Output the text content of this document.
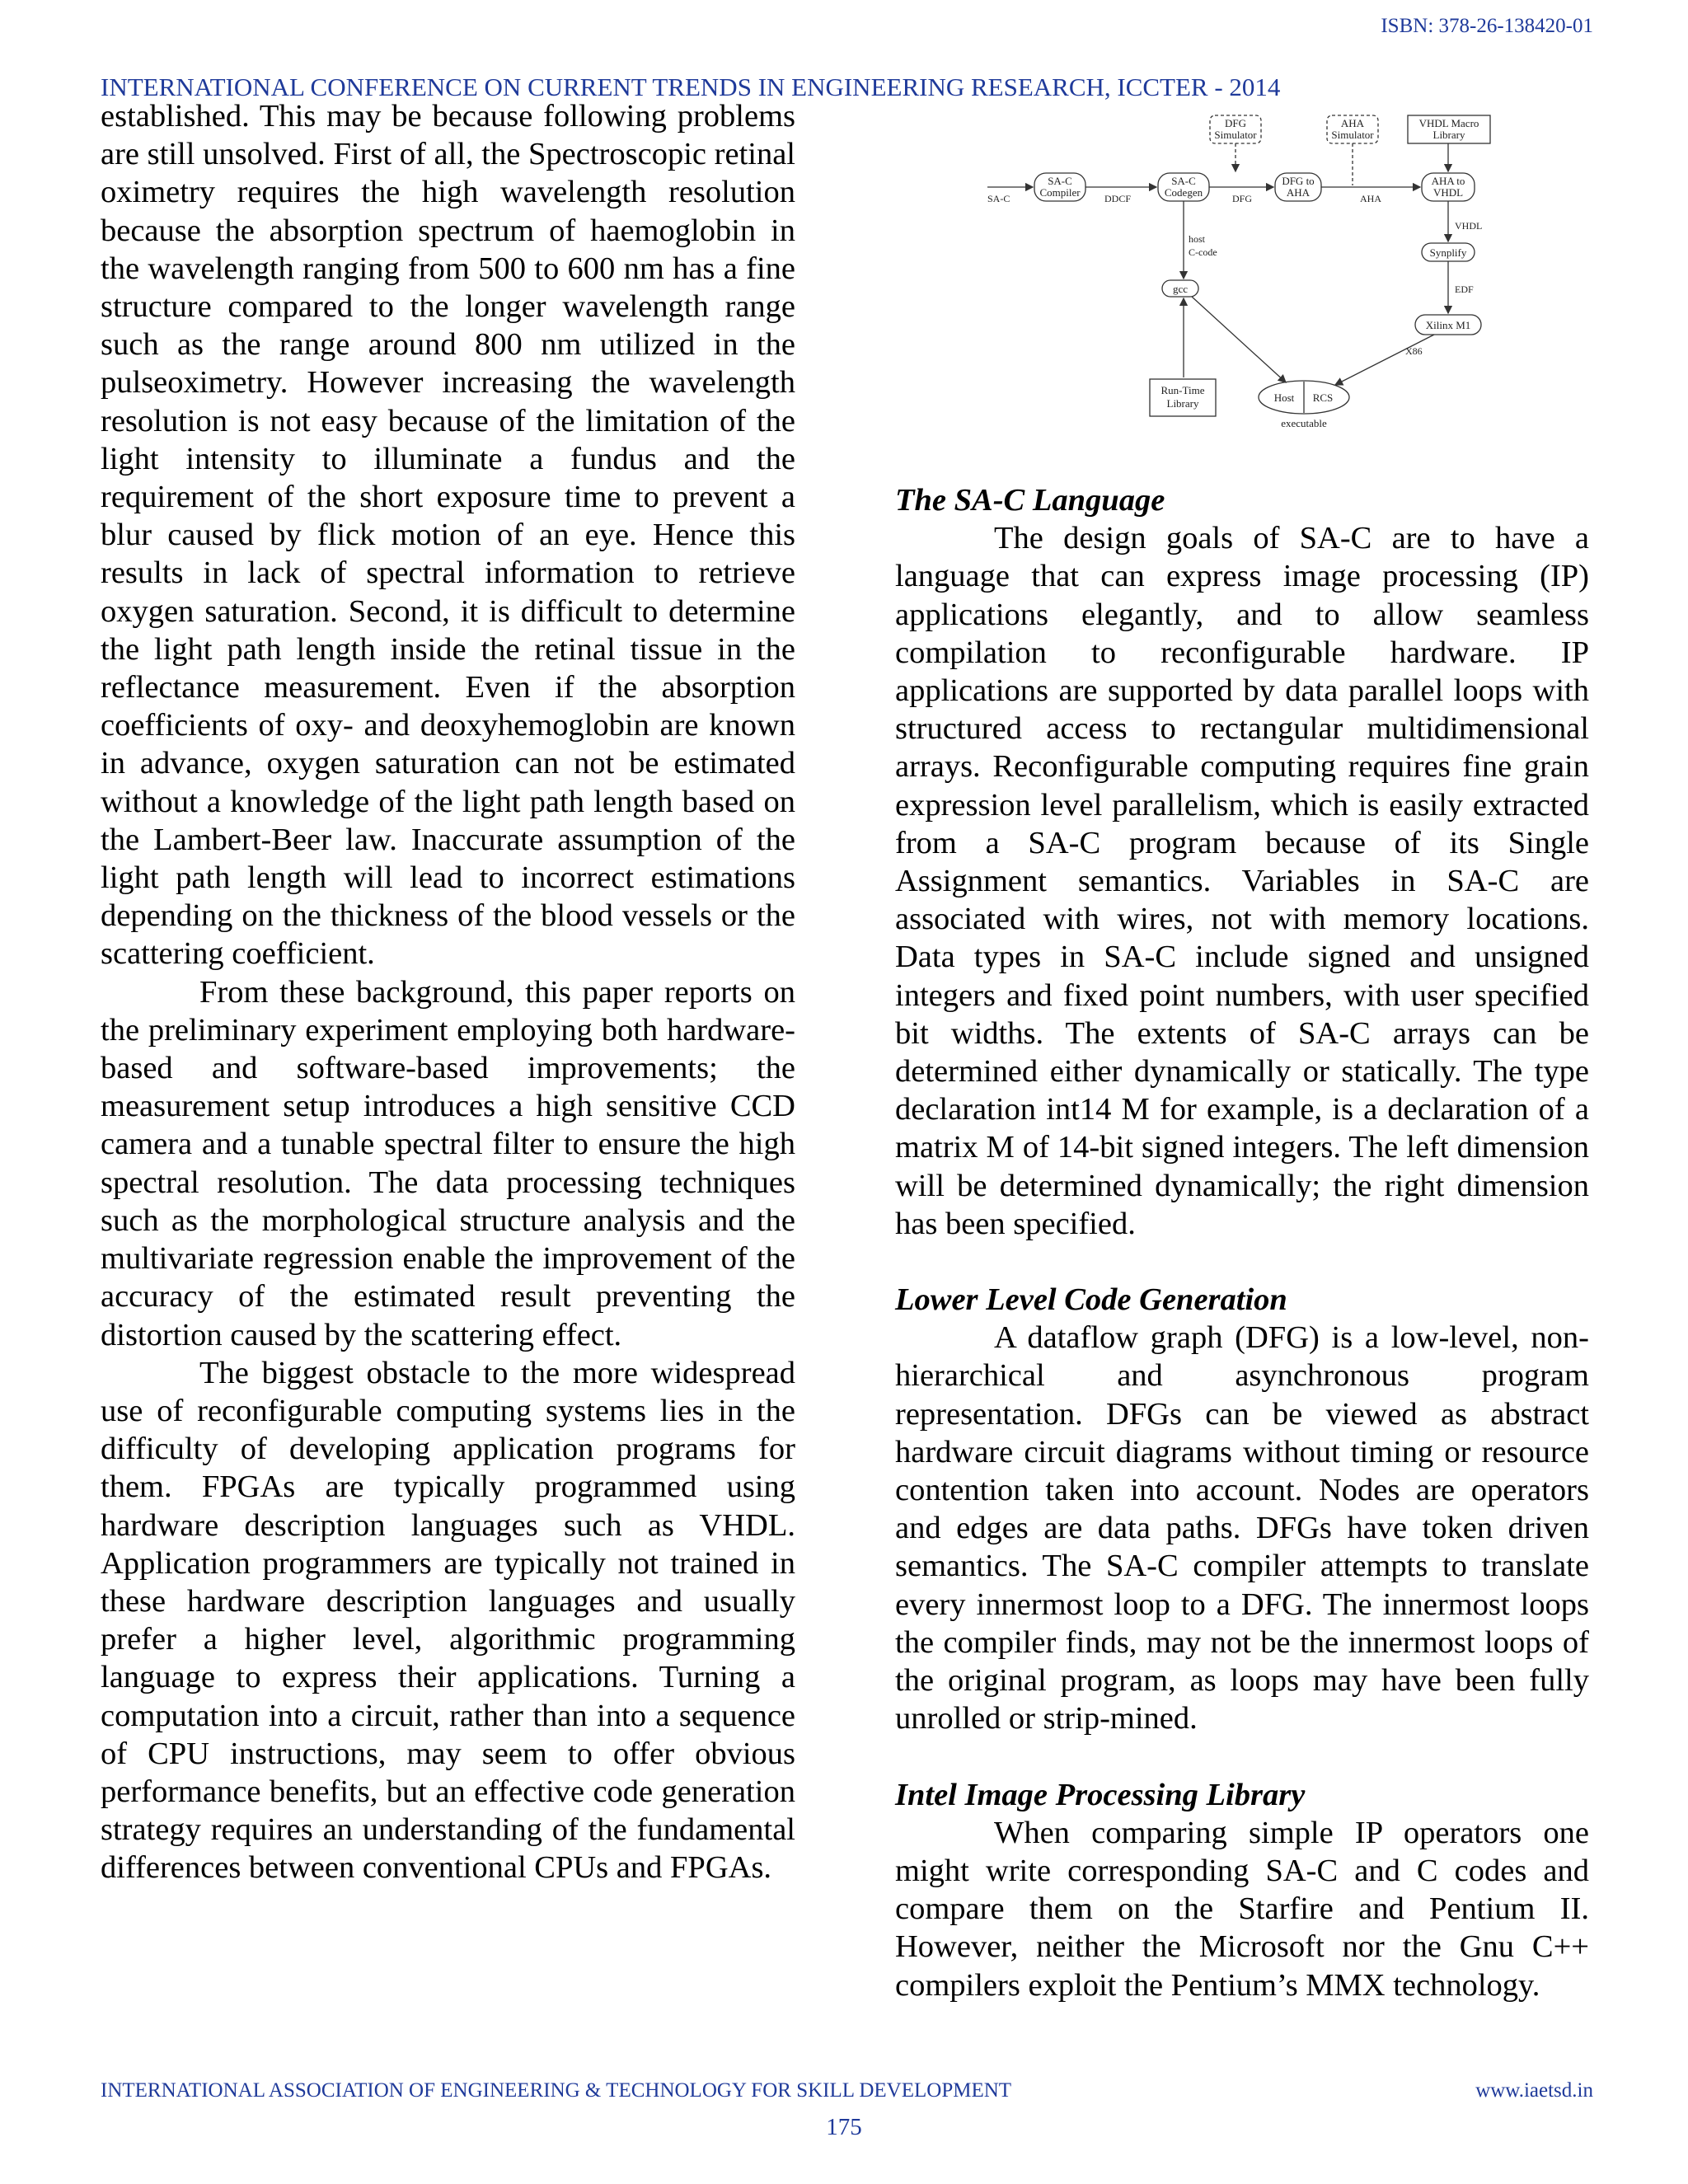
ISBN: 378-26-138420-01
INTERNATIONAL CONFERENCE ON CURRENT TRENDS IN ENGINEERING RESEARCH, ICCTER - 2014

established. This may be because following problems are still unsolved. First of all, the Spectroscopic retinal oximetry requires the high wavelength resolution because the absorption spectrum of haemoglobin in the wavelength ranging from 500 to 600 nm has a fine structure compared to the longer wavelength range such as the range around 800 nm utilized in the pulseoximetry. However increasing the wavelength resolution is not easy because of the limitation of the light intensity to illuminate a fundus and the requirement of the short exposure time to prevent a blur caused by flick motion of an eye. Hence this results in lack of spectral information to retrieve oxygen saturation. Second, it is difficult to determine the light path length inside the retinal tissue in the reflectance measurement. Even if the absorption coefficients of oxy- and deoxyhemoglobin are known in advance, oxygen saturation can not be estimated without a knowledge of the light path length based on the Lambert-Beer law. Inaccurate assumption of the light path length will lead to incorrect estimations depending on the thickness of the blood vessels or the scattering coefficient.

From these background, this paper reports on the preliminary experiment employing both hardware-based and software-based improvements; the measurement setup introduces a high sensitive CCD camera and a tunable spectral filter to ensure the high spectral resolution. The data processing techniques such as the morphological structure analysis and the multivariate regression enable the improvement of the accuracy of the estimated result preventing the distortion caused by the scattering effect.

The biggest obstacle to the more widespread use of reconfigurable computing systems lies in the difficulty of developing application programs for them. FPGAs are typically programmed using hardware description languages such as VHDL. Application programmers are typically not trained in these hardware description languages and usually prefer a higher level, algorithmic programming language to express their applications. Turning a computation into a circuit, rather than into a sequence of CPU instructions, may seem to offer obvious performance benefits, but an effective code generation strategy requires an understanding of the fundamental differences between conventional CPUs and FPGAs.

DFG
Simulator
AHA
Simulator
VHDL Macro
Library
SA-C
Compiler
SA-C
Codegen
DFG to
AHA
AHA to
VHDL
Synplify
Xilinx M1
gcc
Run-Time
Library	Host RCS
executable
SA-C	DDCF	DFG	AHA
VHDL
EDF
X86
host
C-code

The SA-C Language

The design goals of SA-C are to have a language that can express image processing (IP) applications elegantly, and to allow seamless compilation to reconfigurable hardware. IP applications are supported by data parallel loops with structured access to rectangular multidimensional arrays. Reconfigurable computing requires fine grain expression level parallelism, which is easily extracted from a SA-C program because of its Single Assignment semantics. Variables in SA-C are associated with wires, not with memory locations. Data types in SA-C include signed and unsigned integers and fixed point numbers, with user specified bit widths. The extents of SA-C arrays can be determined either dynamically or statically. The type declaration int14 M for example, is a declaration of a matrix M of 14-bit signed integers. The left dimension will be determined dynamically; the right dimension has been specified.

Lower Level Code Generation

A dataflow graph (DFG) is a low-level, non-hierarchical and asynchronous program representation. DFGs can be viewed as abstract hardware circuit diagrams without timing or resource contention taken into account. Nodes are operators and edges are data paths. DFGs have token driven semantics. The SA-C compiler attempts to translate every innermost loop to a DFG. The innermost loops the compiler finds, may not be the innermost loops of the original program, as loops may have been fully unrolled or strip-mined.

Intel Image Processing Library

When comparing simple IP operators one might write corresponding SA-C and C codes and compare them on the Starfire and Pentium II. However, neither the Microsoft nor the Gnu C++ compilers exploit the Pentium’s MMX technology.

INTERNATIONAL ASSOCIATION OF ENGINEERING & TECHNOLOGY FOR SKILL DEVELOPMENT	www.iaetsd.in
175
